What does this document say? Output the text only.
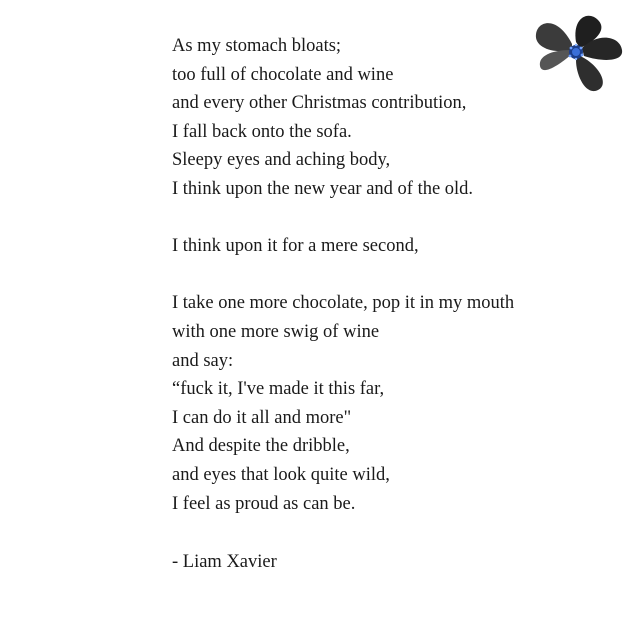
As my stomach bloats;
too full of chocolate and wine
and every other Christmas contribution,
I fall back onto the sofa.
Sleepy eyes and aching body,
I think upon the new year and of the old.
I think upon it for a mere second,
I take one more chocolate, pop it in my mouth
with one more swig of wine
and say:
“fuck it, I've made it this far,
I can do it all and more"
And despite the dribble,
and eyes that look quite wild,
I feel as proud as can be.
- Liam Xavier
